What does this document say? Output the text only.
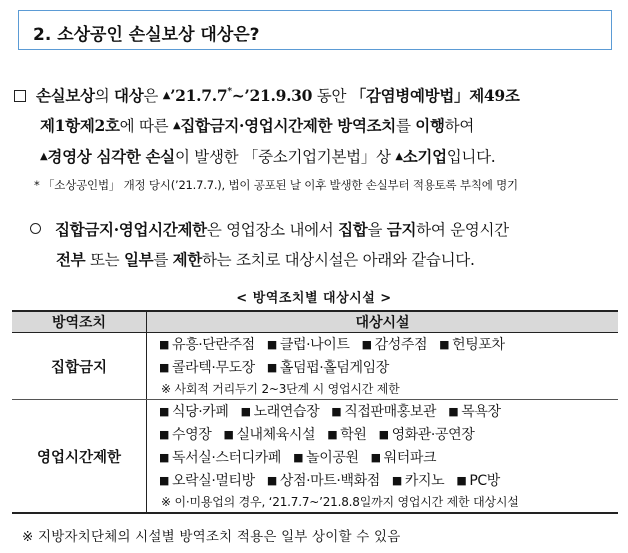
2. 소상공인 손실보상 대상은?
손실보상의 대상은 ▲’21.7.7*~’21.9.30 동안 「감염병예방법」제49조
제1항제2호에 따른 ▲집합금지·영업시간제한 방역조치를 이행하여
▲경영상 심각한 손실이 발생한 「중소기업기본법」상 ▲소기업입니다.
* 「소상공인법」 개정 당시(’21.7.7.), 법이 공포된 날 이후 발생한 손실부터 적용토록 부칙에 명기
집합금지·영업시간제한은 영업장소 내에서 집합을 금지하여 운영시간
전부 또는 일부를 제한하는 조치로 대상시설은 아래와 같습니다.
< 방역조치별 대상시설 >
방역조치	대상시설
집합금지	■ 유흥·단란주점 ■ 클럽·나이트 ■ 감성주점 ■ 헌팅포차
■ 콜라텍·무도장 ■ 홀덤펍·홀덤게임장
※ 사회적 거리두기 2~3단계 시 영업시간 제한

영업시간제한	■ 식당·카페 ■ 노래연습장 ■ 직접판매홍보관 ■ 목욕장
■ 수영장 ■ 실내체육시설 ■ 학원 ■ 영화관·공연장
■ 독서실·스터디카페 ■ 놀이공원 ■ 워터파크
■ 오락실·멀티방 ■ 상점·마트·백화점 ■ 카지노 ■ PC방
※ 이·미용업의 경우, ‘21.7.7~’21.8.8일까지 영업시간 제한 대상시설
※ 지방자치단체의 시설별 방역조치 적용은 일부 상이할 수 있음
